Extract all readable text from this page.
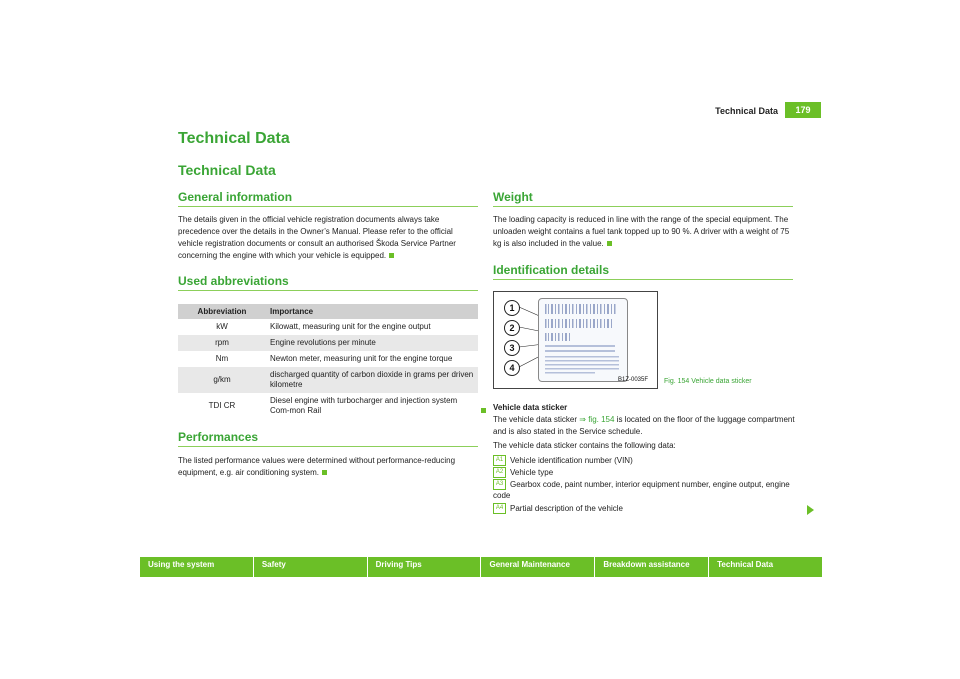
Technical Data	179
Technical Data
Technical Data
General information
The details given in the official vehicle registration documents always take precedence over the details in the Owner’s Manual. Please refer to the official vehicle registration documents or consult an authorised Škoda Service Partner concerning the engine with which your vehicle is equipped.
Used abbreviations
Abbreviation	Importance
kW	Kilowatt, measuring unit for the engine output
rpm	Engine revolutions per minute
Nm	Newton meter, measuring unit for the engine torque
g/km	discharged quantity of carbon dioxide in grams per driven kilometre
TDI CR	Diesel engine with turbocharger and injection system Com-mon Rail
Performances
The listed performance values were determined without performance-reducing equipment, e.g. air conditioning system.
Weight
The loading capacity is reduced in line with the range of the special equipment. The unloaden weight contains a fuel tank topped up to 90 %. A driver with a weight of 75 kg is also included in the value.
Identification details
1
2
3
4
B1Z-0035F Fig. 154 Vehicle data sticker
Vehicle data sticker
The vehicle data sticker ⇒ fig. 154 is located on the floor of the luggage compartment and is also stated in the Service schedule.
The vehicle data sticker contains the following data:
A1 Vehicle identification number (VIN)
A2 Vehicle type
A3 Gearbox code, paint number, interior equipment number, engine output, engine code
A4 Partial description of the vehicle
Using the system	Safety	Driving Tips	General Maintenance	Breakdown assistance	Technical Data
